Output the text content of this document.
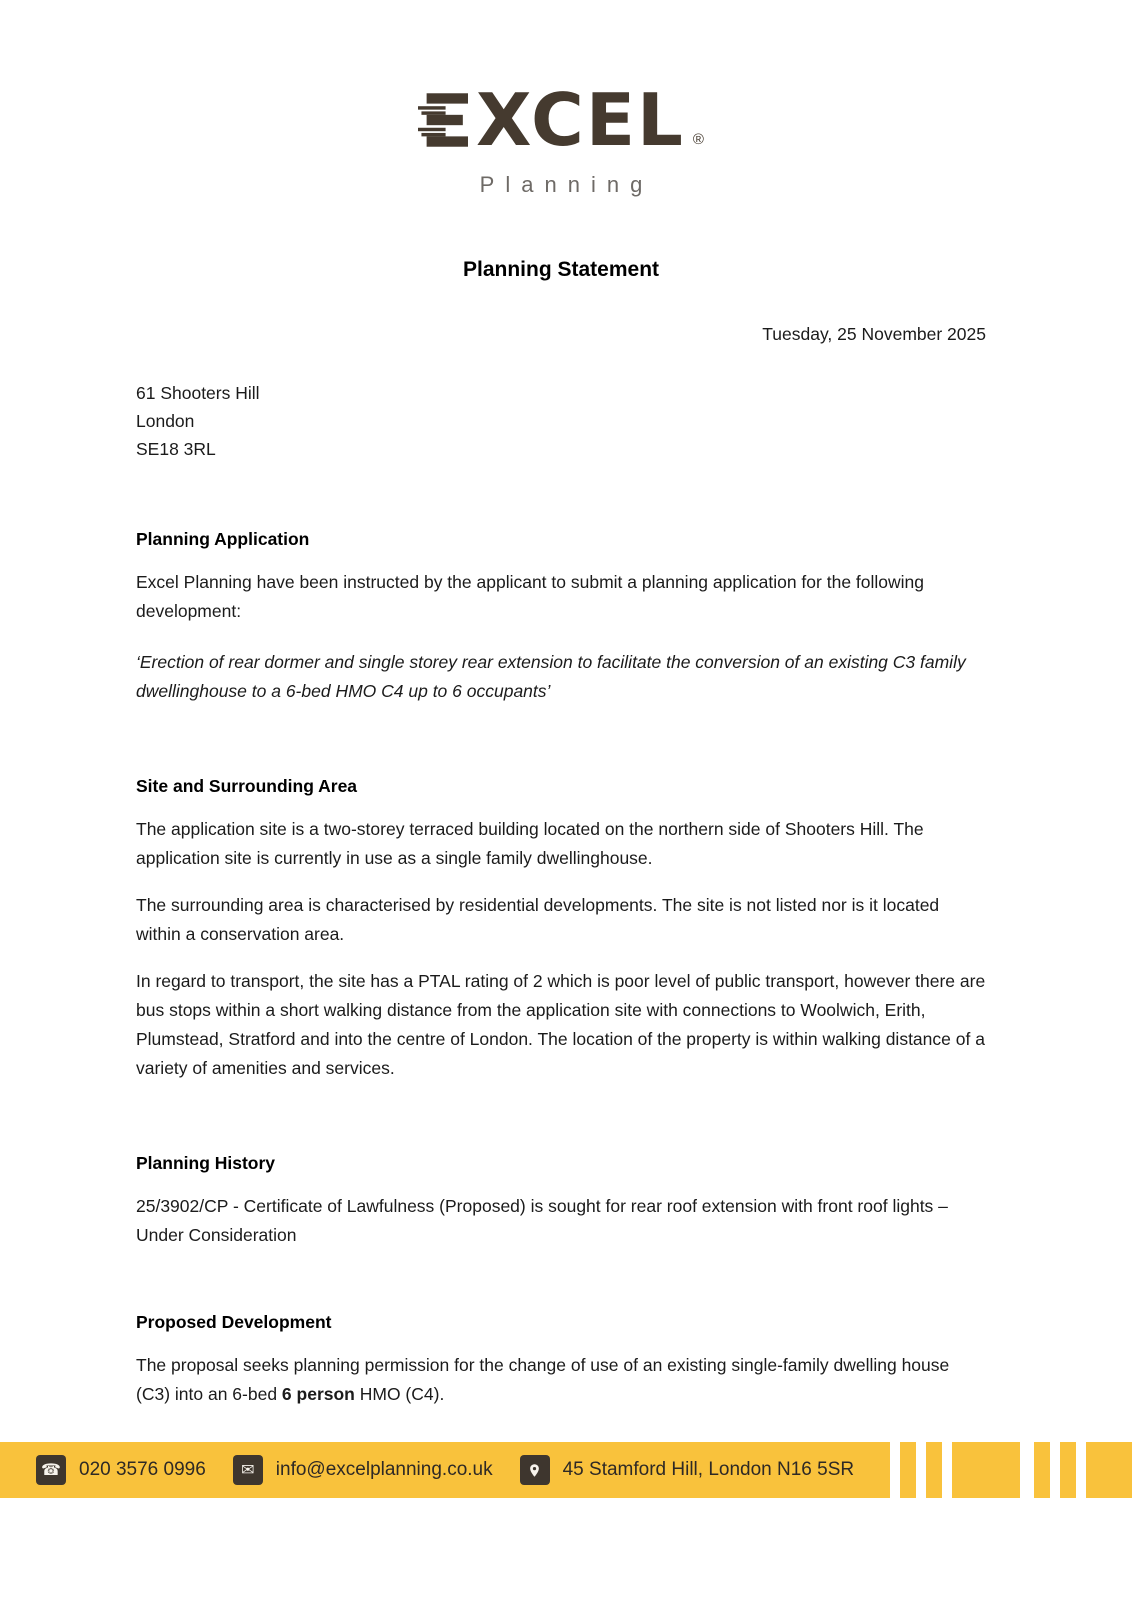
XCEL ®
Planning
Planning Statement
Tuesday, 25 November 2025
61 Shooters Hill
London
SE18 3RL
Planning Application

Excel Planning have been instructed by the applicant to submit a planning application for the following development:

‘Erection of rear dormer and single storey rear extension to facilitate the conversion of an existing C3 family dwellinghouse to a 6-bed HMO C4 up to 6 occupants’

Site and Surrounding Area

The application site is a two-storey terraced building located on the northern side of Shooters Hill. The application site is currently in use as a single family dwellinghouse.

The surrounding area is characterised by residential developments. The site is not listed nor is it located within a conservation area.

In regard to transport, the site has a PTAL rating of 2 which is poor level of public transport, however there are bus stops within a short walking distance from the application site with connections to Woolwich, Erith, Plumstead, Stratford and into the centre of London. The location of the property is within walking distance of a variety of amenities and services.

Planning History

25/3902/CP - Certificate of Lawfulness (Proposed) is sought for rear roof extension with front roof lights – Under Consideration

Proposed Development

The proposal seeks planning permission for the change of use of an existing single-family dwelling house (C3) into an 6-bed 6 person HMO (C4).

☎ 020 3576 0996	✉	info@excelplanning.co.uk	45 Stamford Hill, London N16 5SR
